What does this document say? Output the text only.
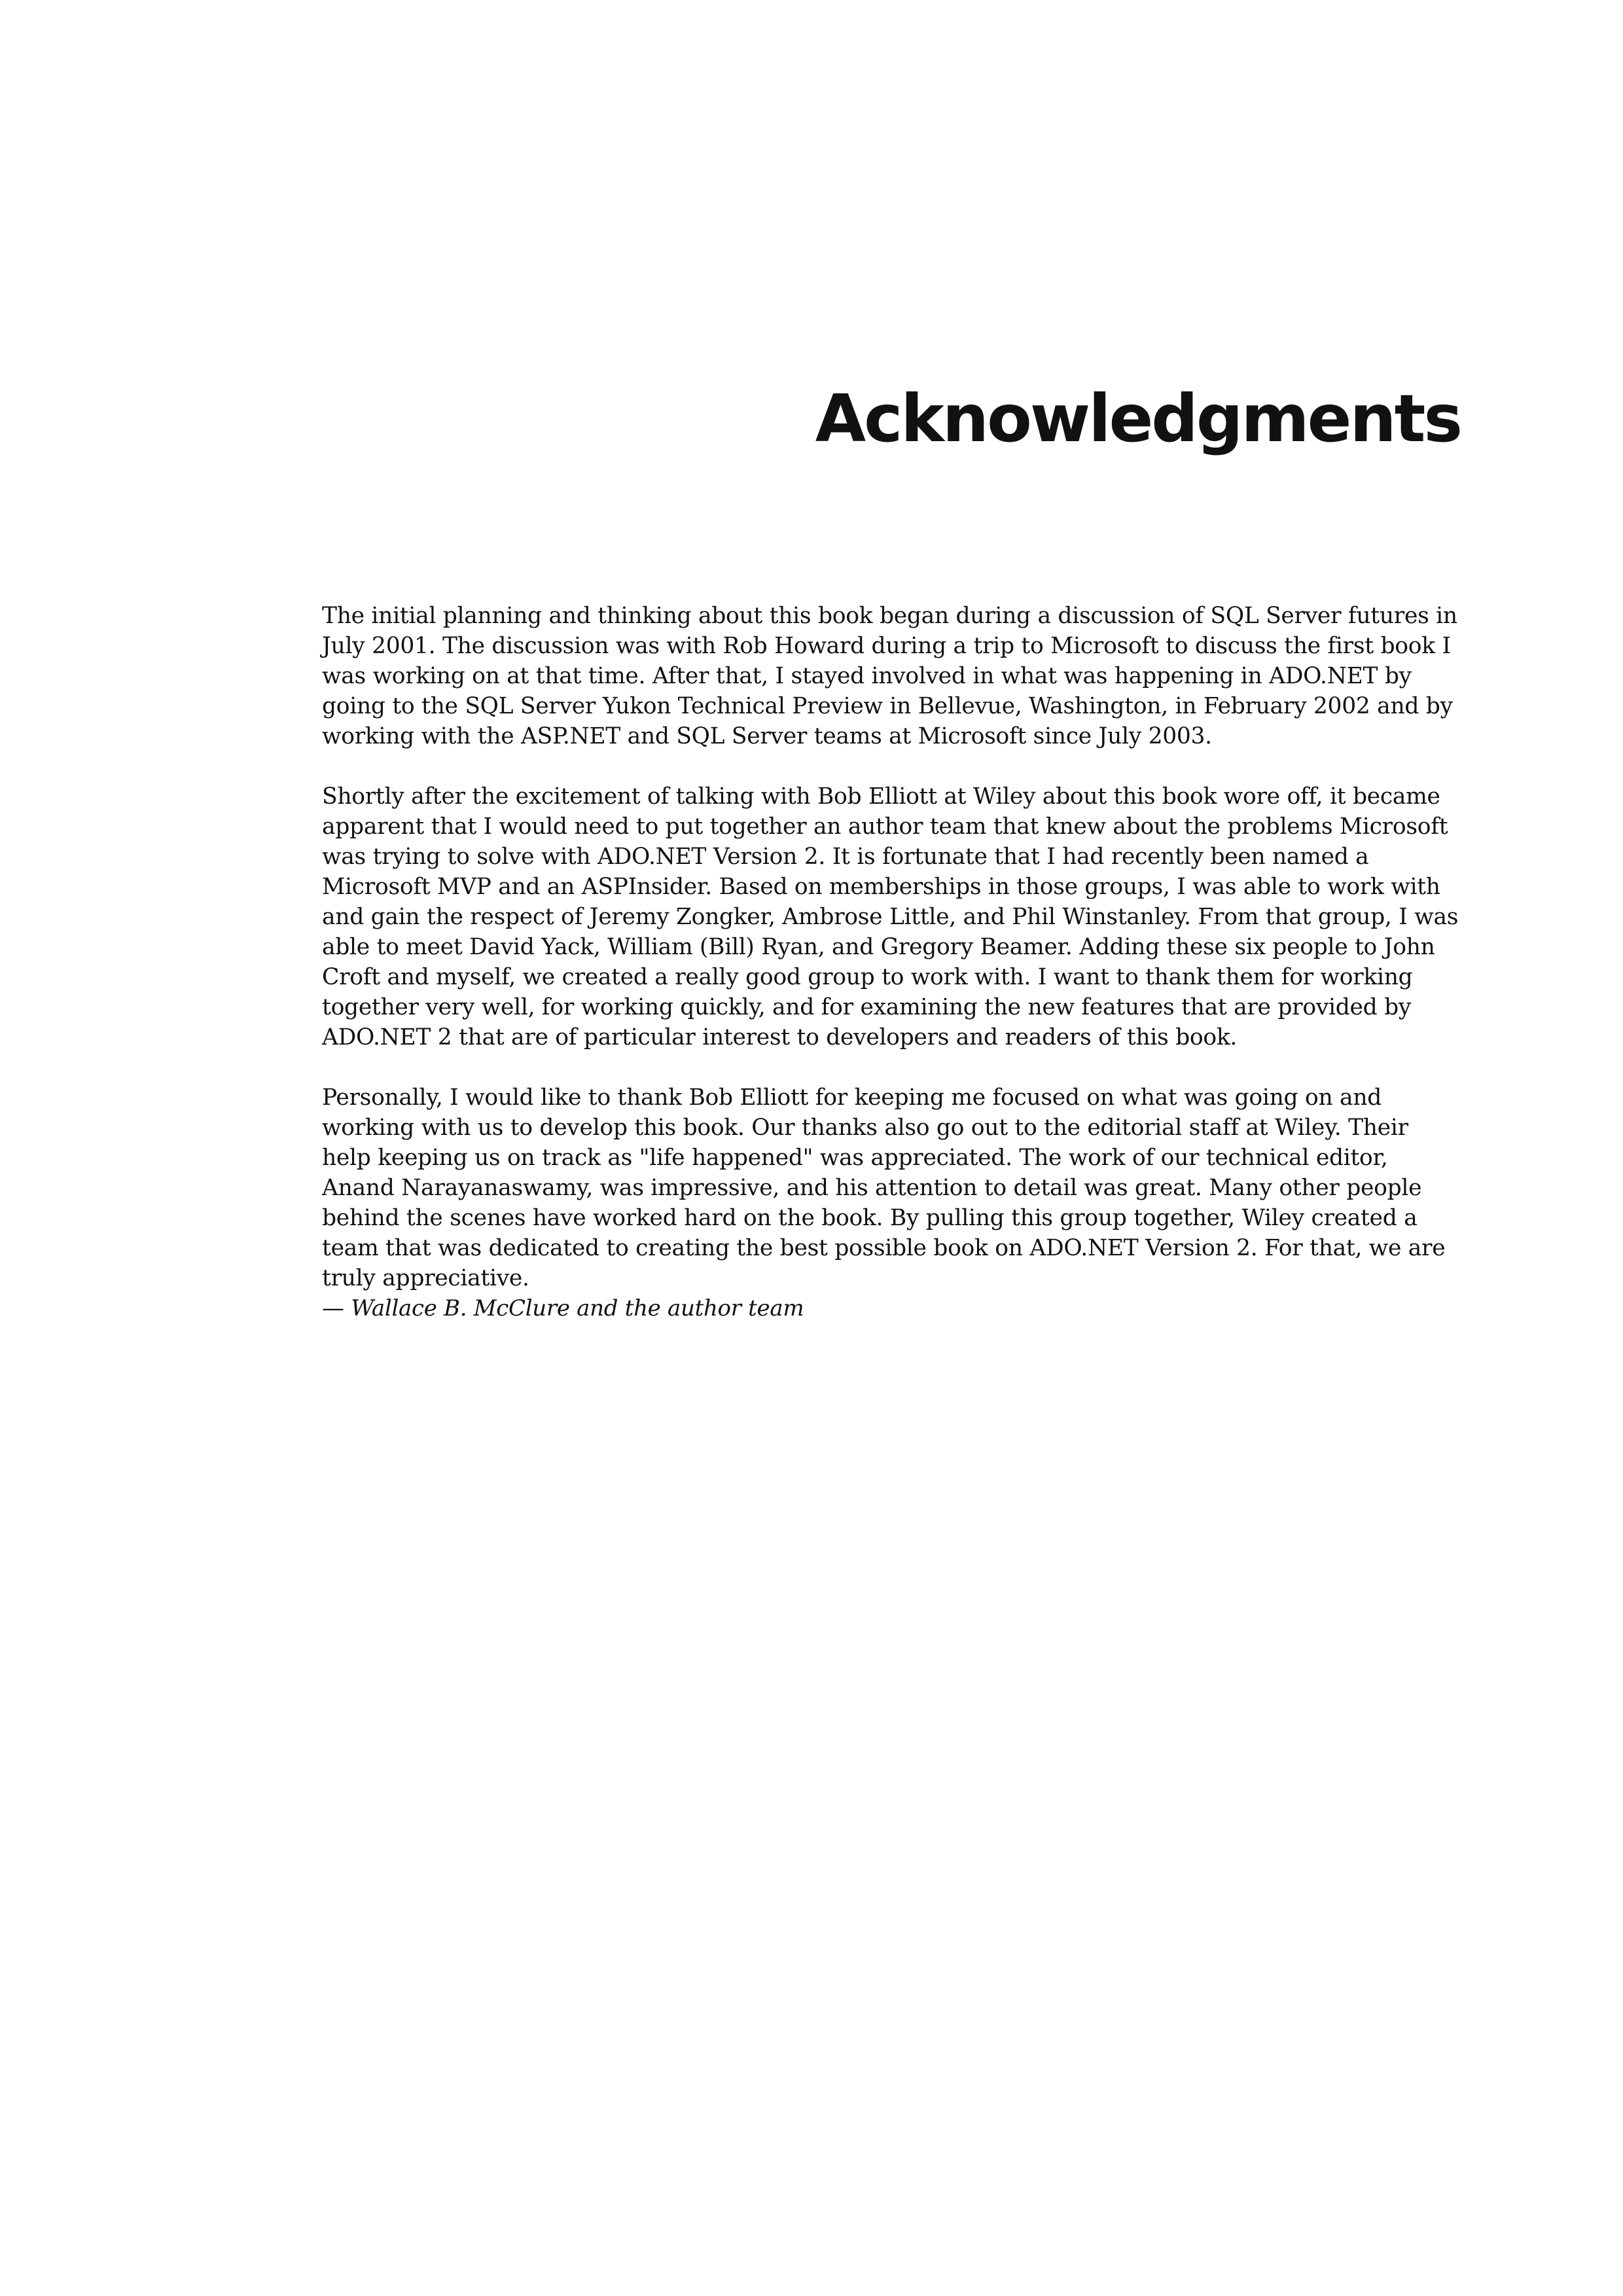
Acknowledgments

The initial planning and thinking about this book began during a discussion of SQL Server futures in July 2001. The discussion was with Rob Howard during a trip to Microsoft to discuss the first book I was working on at that time. After that, I stayed involved in what was happening in ADO.NET by going to the SQL Server Yukon Technical Preview in Bellevue, Washington, in February 2002 and by working with the ASP.NET and SQL Server teams at Microsoft since July 2003.

Shortly after the excitement of talking with Bob Elliott at Wiley about this book wore off, it became apparent that I would need to put together an author team that knew about the problems Microsoft was trying to solve with ADO.NET Version 2. It is fortunate that I had recently been named a Microsoft MVP and an ASPInsider. Based on memberships in those groups, I was able to work with and gain the respect of Jeremy Zongker, Ambrose Little, and Phil Winstanley. From that group, I was able to meet David Yack, William (Bill) Ryan, and Gregory Beamer. Adding these six people to John Croft and myself, we created a really good group to work with. I want to thank them for working together very well, for working quickly, and for examining the new features that are provided by ADO.NET 2 that are of particular interest to developers and readers of this book.

Personally, I would like to thank Bob Elliott for keeping me focused on what was going on and working with us to develop this book. Our thanks also go out to the editorial staff at Wiley. Their help keeping us on track as "life happened" was appreciated. The work of our technical editor, Anand Narayanaswamy, was impressive, and his attention to detail was great. Many other people behind the scenes have worked hard on the book. By pulling this group together, Wiley created a team that was dedicated to creating the best possible book on ADO.NET Version 2. For that, we are truly appreciative.

— Wallace B. McClure and the author team
